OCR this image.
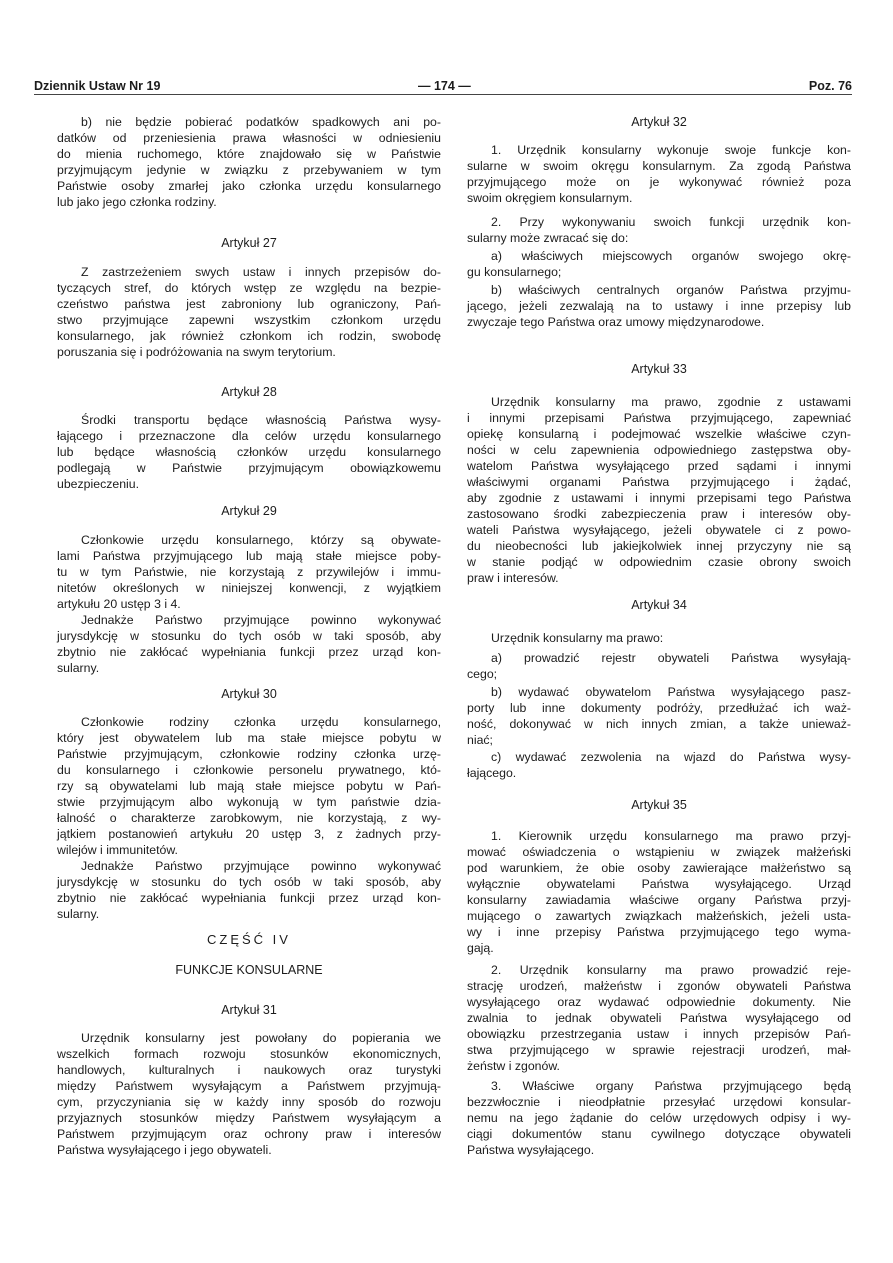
Dziennik Ustaw Nr 19	— 174 —	Poz. 76
b) nie będzie pobierać podatków spadkowych ani po-
datków od przeniesienia prawa własności w odniesieniu
do mienia ruchomego, które znajdowało się w Państwie
przyjmującym jedynie w związku z przebywaniem w tym
Państwie osoby zmarłej jako członka urzędu konsularnego
lub jako jego członka rodziny.
Artykuł 27
Z zastrzeżeniem swych ustaw i innych przepisów do-
tyczących stref, do których wstęp ze względu na bezpie-
czeństwo państwa jest zabroniony lub ograniczony, Pań-
stwo przyjmujące zapewni wszystkim członkom urzędu
konsularnego, jak również członkom ich rodzin, swobodę
poruszania się i podróżowania na swym terytorium.
Artykuł 28
Środki transportu będące własnością Państwa wysy-
łającego i przeznaczone dla celów urzędu konsularnego
lub będące własnością członków urzędu konsularnego
podlegają w Państwie przyjmującym obowiązkowemu
ubezpieczeniu.
Artykuł 29
Członkowie urzędu konsularnego, którzy są obywate-
lami Państwa przyjmującego lub mają stałe miejsce poby-
tu w tym Państwie, nie korzystają z przywilejów i immu-
nitetów określonych w niniejszej konwencji, z wyjątkiem
artykułu 20 ustęp 3 i 4.
Jednakże Państwo przyjmujące powinno wykonywać
jurysdykcję w stosunku do tych osób w taki sposób, aby
zbytnio nie zakłócać wypełniania funkcji przez urząd kon-
sularny.
Artykuł 30
Członkowie rodziny członka urzędu konsularnego,
który jest obywatelem lub ma stałe miejsce pobytu w
Państwie przyjmującym, członkowie rodziny członka urzę-
du konsularnego i członkowie personelu prywatnego, któ-
rzy są obywatelami lub mają stałe miejsce pobytu w Pań-
stwie przyjmującym albo wykonują w tym państwie dzia-
łalność o charakterze zarobkowym, nie korzystają, z wy-
jątkiem postanowień artykułu 20 ustęp 3, z żadnych przy-
wilejów i immunitetów.
Jednakże Państwo przyjmujące powinno wykonywać
jurysdykcję w stosunku do tych osób w taki sposób, aby
zbytnio nie zakłócać wypełniania funkcji przez urząd kon-
sularny.
CZĘŚĆ IV
FUNKCJE KONSULARNE
Artykuł 31
Urzędnik konsularny jest powołany do popierania we
wszelkich formach rozwoju stosunków ekonomicznych,
handlowych, kulturalnych i naukowych oraz turystyki
między Państwem wysyłającym a Państwem przyjmują-
cym, przyczyniania się w każdy inny sposób do rozwoju
przyjaznych stosunków między Państwem wysyłającym a
Państwem przyjmującym oraz ochrony praw i interesów
Państwa wysyłającego i jego obywateli.
Artykuł 32
1. Urzędnik konsularny wykonuje swoje funkcje kon-
sularne w swoim okręgu konsularnym. Za zgodą Państwa
przyjmującego może on je wykonywać również poza
swoim okręgiem konsularnym.
2. Przy wykonywaniu swoich funkcji urzędnik kon-
sularny może zwracać się do:
a) właściwych miejscowych organów swojego okrę-
gu konsularnego;
b) właściwych centralnych organów Państwa przyjmu-
jącego, jeżeli zezwalają na to ustawy i inne przepisy lub
zwyczaje tego Państwa oraz umowy międzynarodowe.
Artykuł 33
Urzędnik konsularny ma prawo, zgodnie z ustawami
i innymi przepisami Państwa przyjmującego, zapewniać
opiekę konsularną i podejmować wszelkie właściwe czyn-
ności w celu zapewnienia odpowiedniego zastępstwa oby-
watelom Państwa wysyłającego przed sądami i innymi
właściwymi organami Państwa przyjmującego i żądać,
aby zgodnie z ustawami i innymi przepisami tego Państwa
zastosowano środki zabezpieczenia praw i interesów oby-
wateli Państwa wysyłającego, jeżeli obywatele ci z powo-
du nieobecności lub jakiejkolwiek innej przyczyny nie są
w stanie podjąć w odpowiednim czasie obrony swoich
praw i interesów.
Artykuł 34
Urzędnik konsularny ma prawo:
a) prowadzić rejestr obywateli Państwa wysyłają-
cego;
b) wydawać obywatelom Państwa wysyłającego pasz-
porty lub inne dokumenty podróży, przedłużać ich waż-
ność, dokonywać w nich innych zmian, a także unieważ-
niać;
c) wydawać zezwolenia na wjazd do Państwa wysy-
łającego.
Artykuł 35
1. Kierownik urzędu konsularnego ma prawo przyj-
mować oświadczenia o wstąpieniu w związek małżeński
pod warunkiem, że obie osoby zawierające małżeństwo są
wyłącznie obywatelami Państwa wysyłającego. Urząd
konsularny zawiadamia właściwe organy Państwa przyj-
mującego o zawartych związkach małżeńskich, jeżeli usta-
wy i inne przepisy Państwa przyjmującego tego wyma-
gają.
2. Urzędnik konsularny ma prawo prowadzić reje-
strację urodzeń, małżeństw i zgonów obywateli Państwa
wysyłającego oraz wydawać odpowiednie dokumenty. Nie
zwalnia to jednak obywateli Państwa wysyłającego od
obowiązku przestrzegania ustaw i innych przepisów Pań-
stwa przyjmującego w sprawie rejestracji urodzeń, mał-
żeństw i zgonów.
3. Właściwe organy Państwa przyjmującego będą
bezzwłocznie i nieodpłatnie przesyłać urzędowi konsular-
nemu na jego żądanie do celów urzędowych odpisy i wy-
ciągi dokumentów stanu cywilnego dotyczące obywateli
Państwa wysyłającego.
